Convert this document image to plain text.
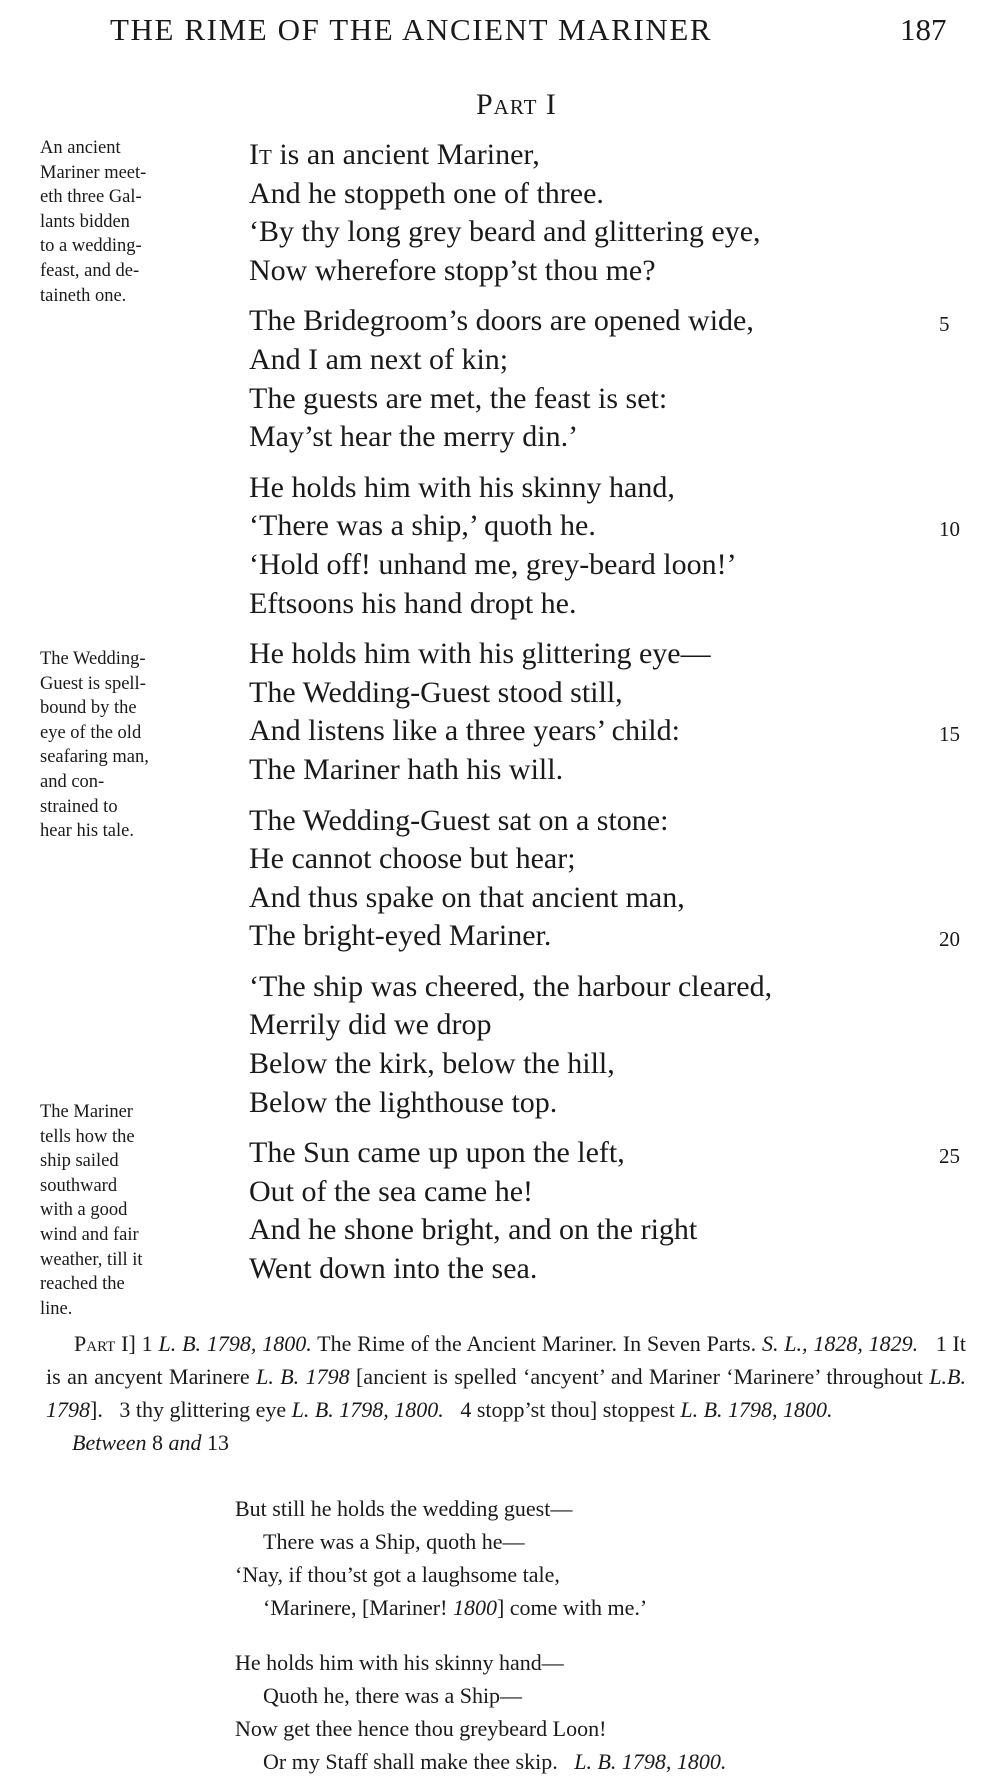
THE RIME OF THE ANCIENT MARINER	187
Part I
An ancient
Mariner meet-
eth three Gal-
lants bidden
to a wedding-
feast, and de-
taineth one.
The Wedding-
Guest is spell-
bound by the
eye of the old
seafaring man,
and con-
strained to
hear his tale.
The Mariner
tells how the
ship sailed
southward
with a good
wind and fair
weather, till it
reached the
line.
It is an ancient Mariner,
And he stoppeth one of three.
‘By thy long grey beard and glittering eye,
Now wherefore stopp’st thou me?
The Bridegroom’s doors are opened wide,	5
And I am next of kin;
The guests are met, the feast is set:
May’st hear the merry din.’
He holds him with his skinny hand,
‘There was a ship,’ quoth he.	10
‘Hold off! unhand me, grey-beard loon!’
Eftsoons his hand dropt he.
He holds him with his glittering eye—
The Wedding-Guest stood still,
And listens like a three years’ child:	15
The Mariner hath his will.
The Wedding-Guest sat on a stone:
He cannot choose but hear;
And thus spake on that ancient man,
The bright-eyed Mariner.	20
‘The ship was cheered, the harbour cleared,
Merrily did we drop
Below the kirk, below the hill,
Below the lighthouse top.
The Sun came up upon the left,	25
Out of the sea came he!
And he shone bright, and on the right
Went down into the sea.

Part I] 1 L. B. 1798, 1800. The Rime of the Ancient Mariner. In Seven Parts. S. L., 1828, 1829. 1 It is an ancyent Marinere L. B. 1798 [ancient is spelled ‘ancyent’ and Mariner ‘Marinere’ throughout L.B. 1798]. 3 thy glittering eye L. B. 1798, 1800. 4 stopp’st thou] stoppest L. B. 1798, 1800.

Between 8 and 13
But still he holds the wedding guest—
There was a Ship, quoth he—
‘Nay, if thou’st got a laughsome tale,
‘Marinere, [Mariner! 1800] come with me.’
He holds him with his skinny hand—
Quoth he, there was a Ship—
Now get thee hence thou greybeard Loon!
Or my Staff shall make thee skip. L. B. 1798, 1800.
